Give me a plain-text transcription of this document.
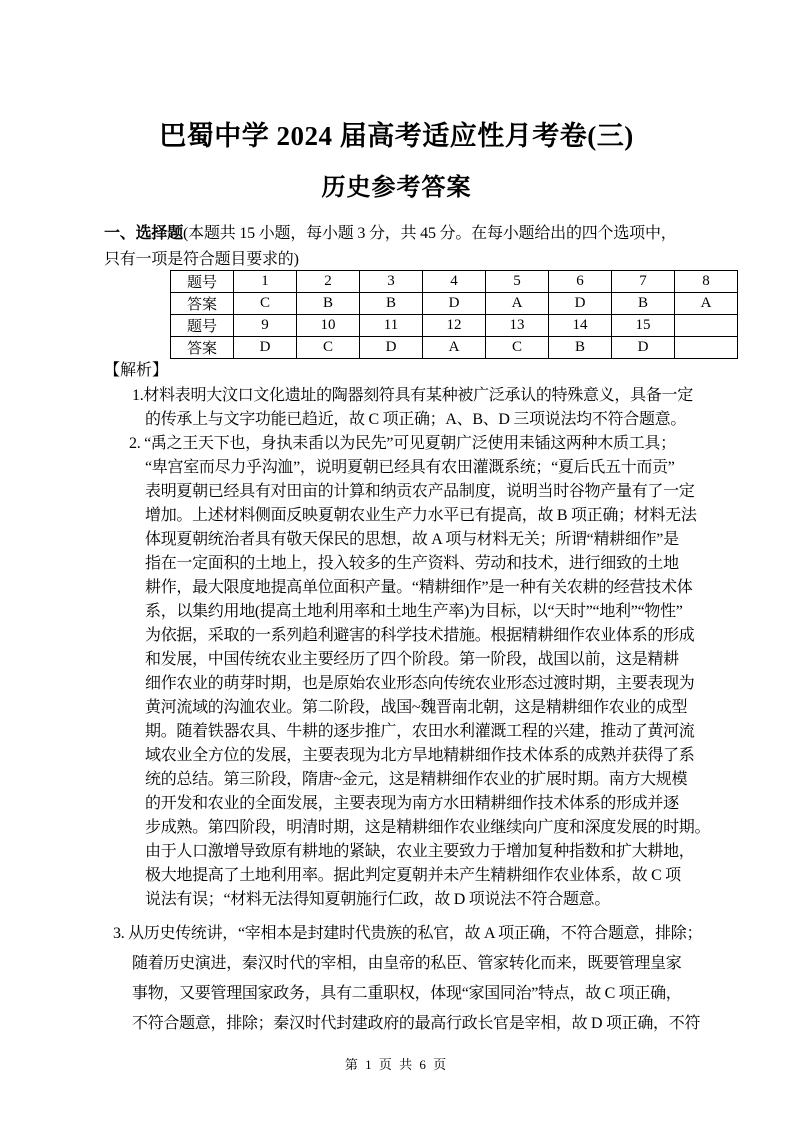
巴蜀中学 2024 届高考适应性月考卷(三)
历史参考答案
一、选择题(本题共 15 小题，每小题 3 分，共 45 分。在每小题给出的四个选项中，
只有一项是符合题目要求的)
题号	1	2	3	4	5	6	7	8
答案	C	B	B	D	A	D	B	A
题号	9	10	11	12	13	14	15	
答案	D	C	D	A	C	B	D	
【解析】
1.材料表明大汶口文化遗址的陶器刻符具有某种被广泛承认的特殊意义，具备一定
的传承上与文字功能已趋近，故 C 项正确；A、B、D 三项说法均不符合题意。
2. “禹之王天下也，身执耒臿以为民先”可见夏朝广泛使用耒锸这两种木质工具；
“卑宫室而尽力乎沟洫”，说明夏朝已经具有农田灌溉系统；“夏后氏五十而贡”
表明夏朝已经具有对田亩的计算和纳贡农产品制度，说明当时谷物产量有了一定
增加。上述材料侧面反映夏朝农业生产力水平已有提高，故 B 项正确；材料无法
体现夏朝统治者具有敬天保民的思想，故 A 项与材料无关；所谓“精耕细作”是
指在一定面积的土地上，投入较多的生产资料、劳动和技术，进行细致的土地
耕作，最大限度地提高单位面积产量。“精耕细作”是一种有关农耕的经营技术体
系，以集约用地(提高土地利用率和土地生产率)为目标，以“天时”“地利”“物性”
为依据，采取的一系列趋利避害的科学技术措施。根据精耕细作农业体系的形成
和发展，中国传统农业主要经历了四个阶段。第一阶段，战国以前，这是精耕
细作农业的萌芽时期，也是原始农业形态向传统农业形态过渡时期，主要表现为
黄河流域的沟洫农业。第二阶段，战国~魏晋南北朝，这是精耕细作农业的成型
期。随着铁器农具、牛耕的逐步推广，农田水利灌溉工程的兴建，推动了黄河流
域农业全方位的发展，主要表现为北方旱地精耕细作技术体系的成熟并获得了系
统的总结。第三阶段，隋唐~金元，这是精耕细作农业的扩展时期。南方大规模
的开发和农业的全面发展，主要表现为南方水田精耕细作技术体系的形成并逐
步成熟。第四阶段，明清时期，这是精耕细作农业继续向广度和深度发展的时期。
由于人口激增导致原有耕地的紧缺，农业主要致力于增加复种指数和扩大耕地，
极大地提高了土地利用率。据此判定夏朝并未产生精耕细作农业体系，故 C 项
说法有误；“材料无法得知夏朝施行仁政，故 D 项说法不符合题意。
3. 从历史传统讲，“宰相本是封建时代贵族的私官，故 A 项正确，不符合题意，排除；
随着历史演进，秦汉时代的宰相，由皇帝的私臣、管家转化而来，既要管理皇家
事物，又要管理国家政务，具有二重职权，体现“家国同治”特点，故 C 项正确，
不符合题意，排除；秦汉时代封建政府的最高行政长官是宰相，故 D 项正确，不符
第 1 页 共 6 页
